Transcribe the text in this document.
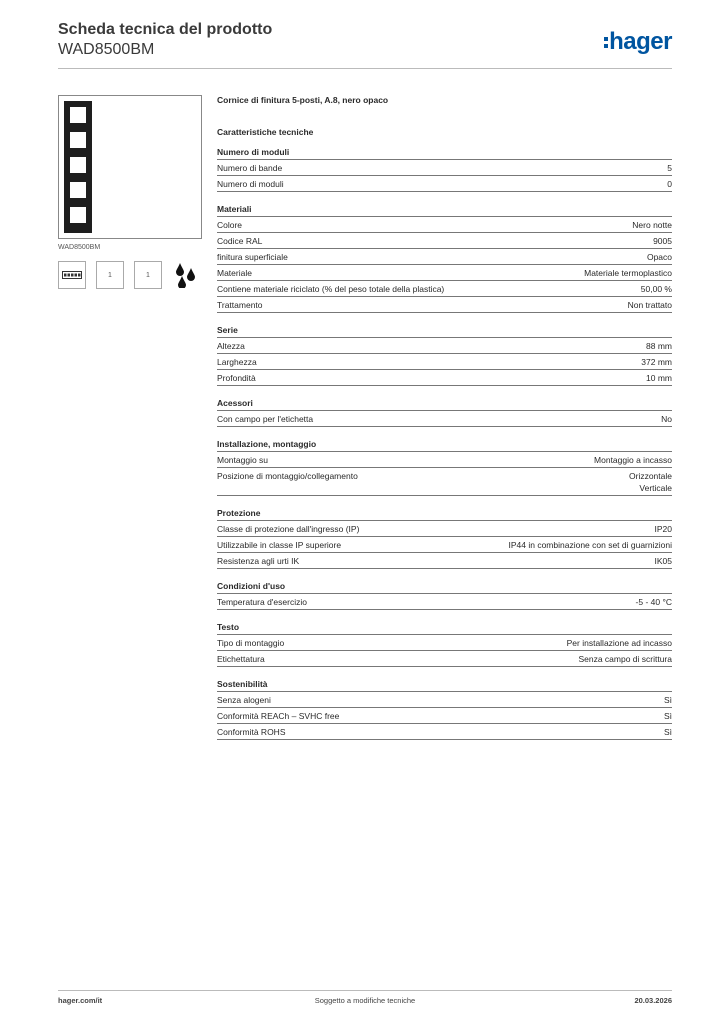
Scheda tecnica del prodotto

WAD8500BM	hager
WAD8500BM
1	1

Cornice di finitura 5-posti, A.8, nero opaco

Caratteristiche tecniche

Numero di moduli
Numero di bande	5
Numero di moduli	0
Materiali
Colore	Nero notte
Codice RAL	9005
finitura superficiale	Opaco
Materiale	Materiale termoplastico
Contiene materiale riciclato (% del peso totale della plastica)	50,00 %
Trattamento	Non trattato
Serie
Altezza	88 mm
Larghezza	372 mm
Profondità	10 mm
Acessori
Con campo per l'etichetta	No
Installazione, montaggio
Montaggio su	Montaggio a incasso
Posizione di montaggio/collegamento	Orizzontale
Verticale
Protezione
Classe di protezione dall'ingresso (IP)	IP20
Utilizzabile in classe IP superiore	IP44 in combinazione con set di guarnizioni
Resistenza agli urti IK	IK05
Condizioni d'uso
Temperatura d'esercizio	-5 - 40 °C
Testo
Tipo di montaggio	Per installazione ad incasso
Etichettatura	Senza campo di scrittura
Sostenibilità
Senza alogeni	Sì
Conformità REACh – SVHC free	Sì
Conformità ROHS	Sì
hager.com/it	Soggetto a modifiche tecniche	20.03.2026
